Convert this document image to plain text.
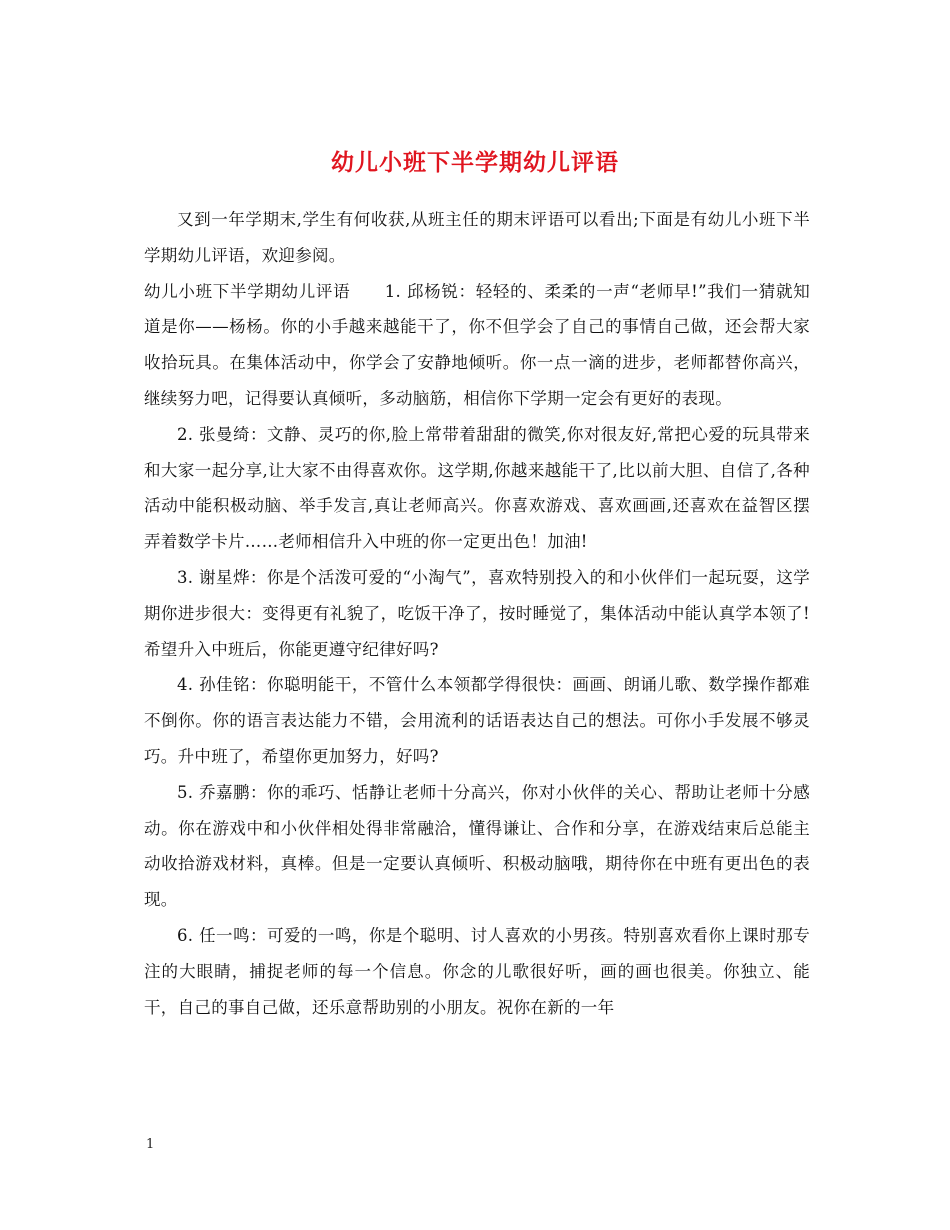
幼儿小班下半学期幼儿评语

又到一年学期末,学生有何收获,从班主任的期末评语可以看出;下面是有幼儿小班下半学期幼儿评语，欢迎参阅。

幼儿小班下半学期幼儿评语　　1. 邱杨锐：轻轻的、柔柔的一声“老师早!”我们一猜就知道是你——杨杨。你的小手越来越能干了，你不但学会了自己的事情自己做，还会帮大家收拾玩具。在集体活动中，你学会了安静地倾听。你一点一滴的进步，老师都替你高兴，继续努力吧，记得要认真倾听，多动脑筋，相信你下学期一定会有更好的表现。

2. 张曼绮：文静、灵巧的你,脸上常带着甜甜的微笑,你对很友好,常把心爱的玩具带来和大家一起分享,让大家不由得喜欢你。这学期,你越来越能干了,比以前大胆、自信了,各种活动中能积极动脑、举手发言,真让老师高兴。你喜欢游戏、喜欢画画,还喜欢在益智区摆弄着数学卡片……老师相信升入中班的你一定更出色！加油!

3. 谢星烨：你是个活泼可爱的“小淘气”，喜欢特别投入的和小伙伴们一起玩耍，这学期你进步很大：变得更有礼貌了，吃饭干净了，按时睡觉了，集体活动中能认真学本领了!希望升入中班后，你能更遵守纪律好吗?

4. 孙佳铭：你聪明能干，不管什么本领都学得很快：画画、朗诵儿歌、数学操作都难不倒你。你的语言表达能力不错，会用流利的话语表达自己的想法。可你小手发展不够灵巧。升中班了，希望你更加努力，好吗?

5. 乔嘉鹏：你的乖巧、恬静让老师十分高兴，你对小伙伴的关心、帮助让老师十分感动。你在游戏中和小伙伴相处得非常融洽，懂得谦让、合作和分享，在游戏结束后总能主动收拾游戏材料，真棒。但是一定要认真倾听、积极动脑哦，期待你在中班有更出色的表现。

6. 任一鸣：可爱的一鸣，你是个聪明、讨人喜欢的小男孩。特别喜欢看你上课时那专注的大眼睛，捕捉老师的每一个信息。你念的儿歌很好听，画的画也很美。你独立、能干，自己的事自己做，还乐意帮助别的小朋友。祝你在新的一年

1
